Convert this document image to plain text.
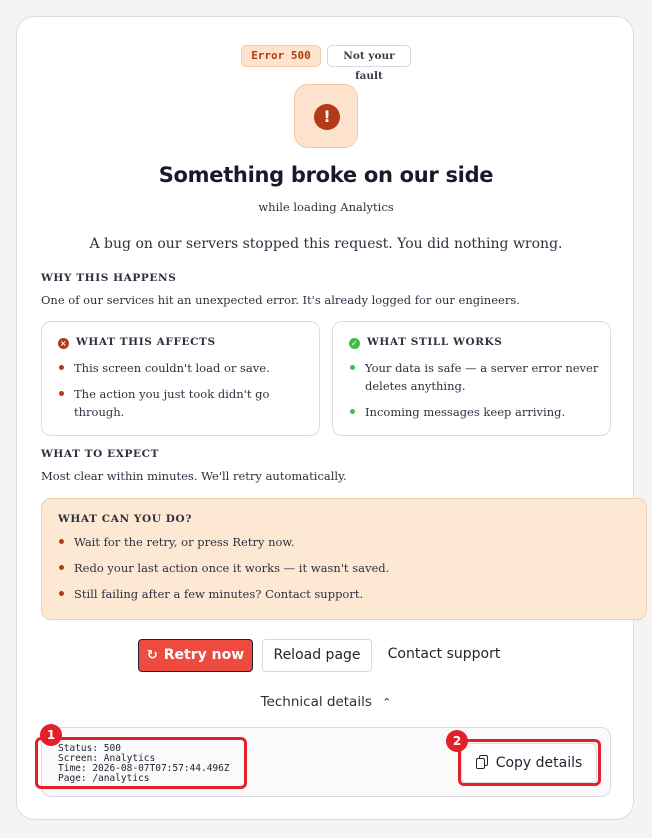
Error 500	Not your fault
!
Something broke on our side
while loading Analytics
A bug on our servers stopped this request. You did nothing wrong.
WHY THIS HAPPENS
One of our services hit an unexpected error. It's already logged for our engineers.
× WHAT THIS AFFECTS
This screen couldn't load or save.
The action you just took didn't go through.
✓ WHAT STILL WORKS
Your data is safe — a server error never deletes anything.
Incoming messages keep arriving.
WHAT TO EXPECT
Most clear within minutes. We'll retry automatically.
WHAT CAN YOU DO?
Wait for the retry, or press Retry now.
Redo your last action once it works — it wasn't saved.
Still failing after a few minutes? Contact support.
↻ Retry now	Reload page	Contact support
Technical details ⌃
Status: 500
Screen: Analytics
Time: 2026-08-07T07:57:44.496Z
Page: /analytics
Copy details
1	2
